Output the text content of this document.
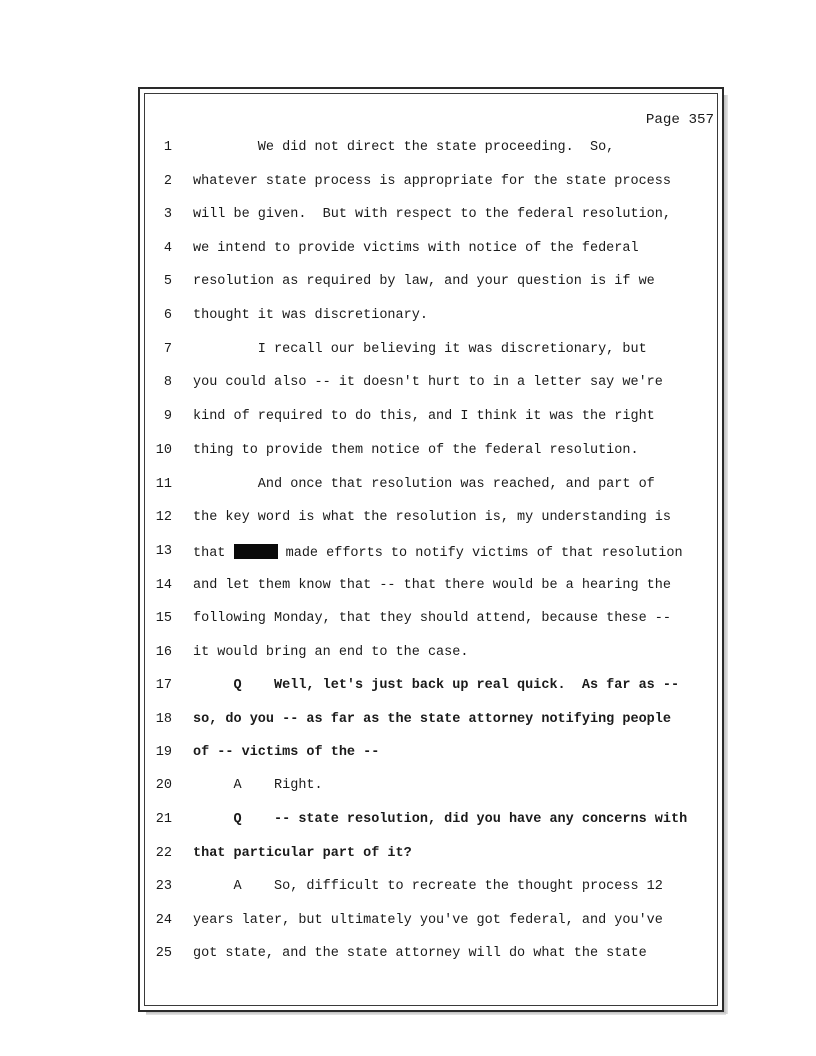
Page 357
1 We did not direct the state proceeding.  So,
2 whatever state process is appropriate for the state process
3 will be given.  But with respect to the federal resolution,
4 we intend to provide victims with notice of the federal
5 resolution as required by law, and your question is if we
6 thought it was discretionary.
7 I recall our believing it was discretionary, but
8 you could also -- it doesn't hurt to in a letter say we're
9 kind of required to do this, and I think it was the right
10 thing to provide them notice of the federal resolution.
11 And once that resolution was reached, and part of
12 the key word is what the resolution is, my understanding is
13 that	made efforts to notify victims of that resolution
14 and let them know that -- that there would be a hearing the
15 following Monday, that they should attend, because these --
16 it would bring an end to the case.
17 Q    Well, let's just back up real quick.  As far as --
18 so, do you -- as far as the state attorney notifying people
19 of -- victims of the --
20 A    Right.
21 Q    -- state resolution, did you have any concerns with
22 that particular part of it?
23 A    So, difficult to recreate the thought process 12
24 years later, but ultimately you've got federal, and you've
25 got state, and the state attorney will do what the state
